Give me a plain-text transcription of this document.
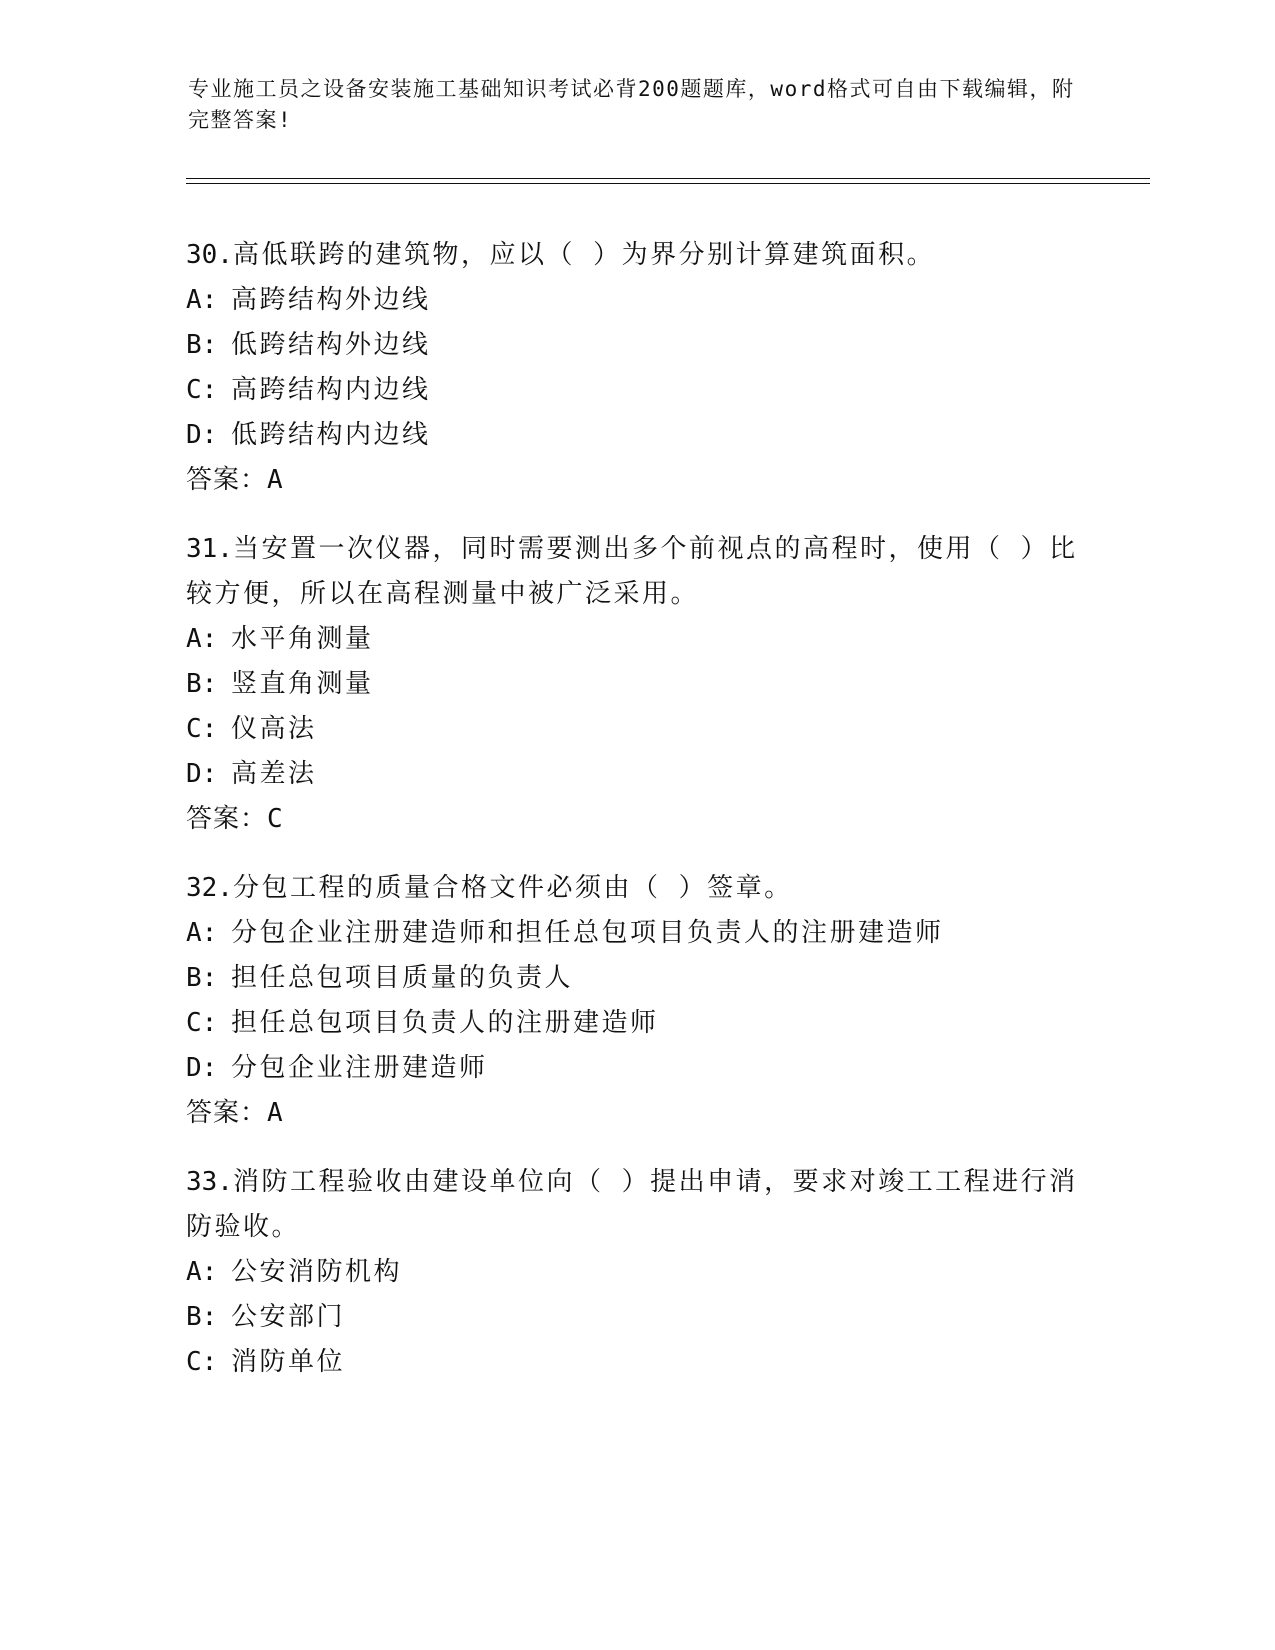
专业施工员之设备安装施工基础知识考试必背200题题库，word格式可自由下载编辑，附完整答案!

30.高低联跨的建筑物，应以（ ）为界分别计算建筑面积。

A: 高跨结构外边线

B: 低跨结构外边线

C: 高跨结构内边线

D: 低跨结构内边线

答案：A

31.当安置一次仪器，同时需要测出多个前视点的高程时，使用（ ）比较方便，所以在高程测量中被广泛采用。

A: 水平角测量

B: 竖直角测量

C: 仪高法

D: 高差法

答案：C

32.分包工程的质量合格文件必须由（ ）签章。

A: 分包企业注册建造师和担任总包项目负责人的注册建造师

B: 担任总包项目质量的负责人

C: 担任总包项目负责人的注册建造师

D: 分包企业注册建造师

答案：A

33.消防工程验收由建设单位向（ ）提出申请，要求对竣工工程进行消防验收。

A: 公安消防机构

B: 公安部门

C: 消防单位
